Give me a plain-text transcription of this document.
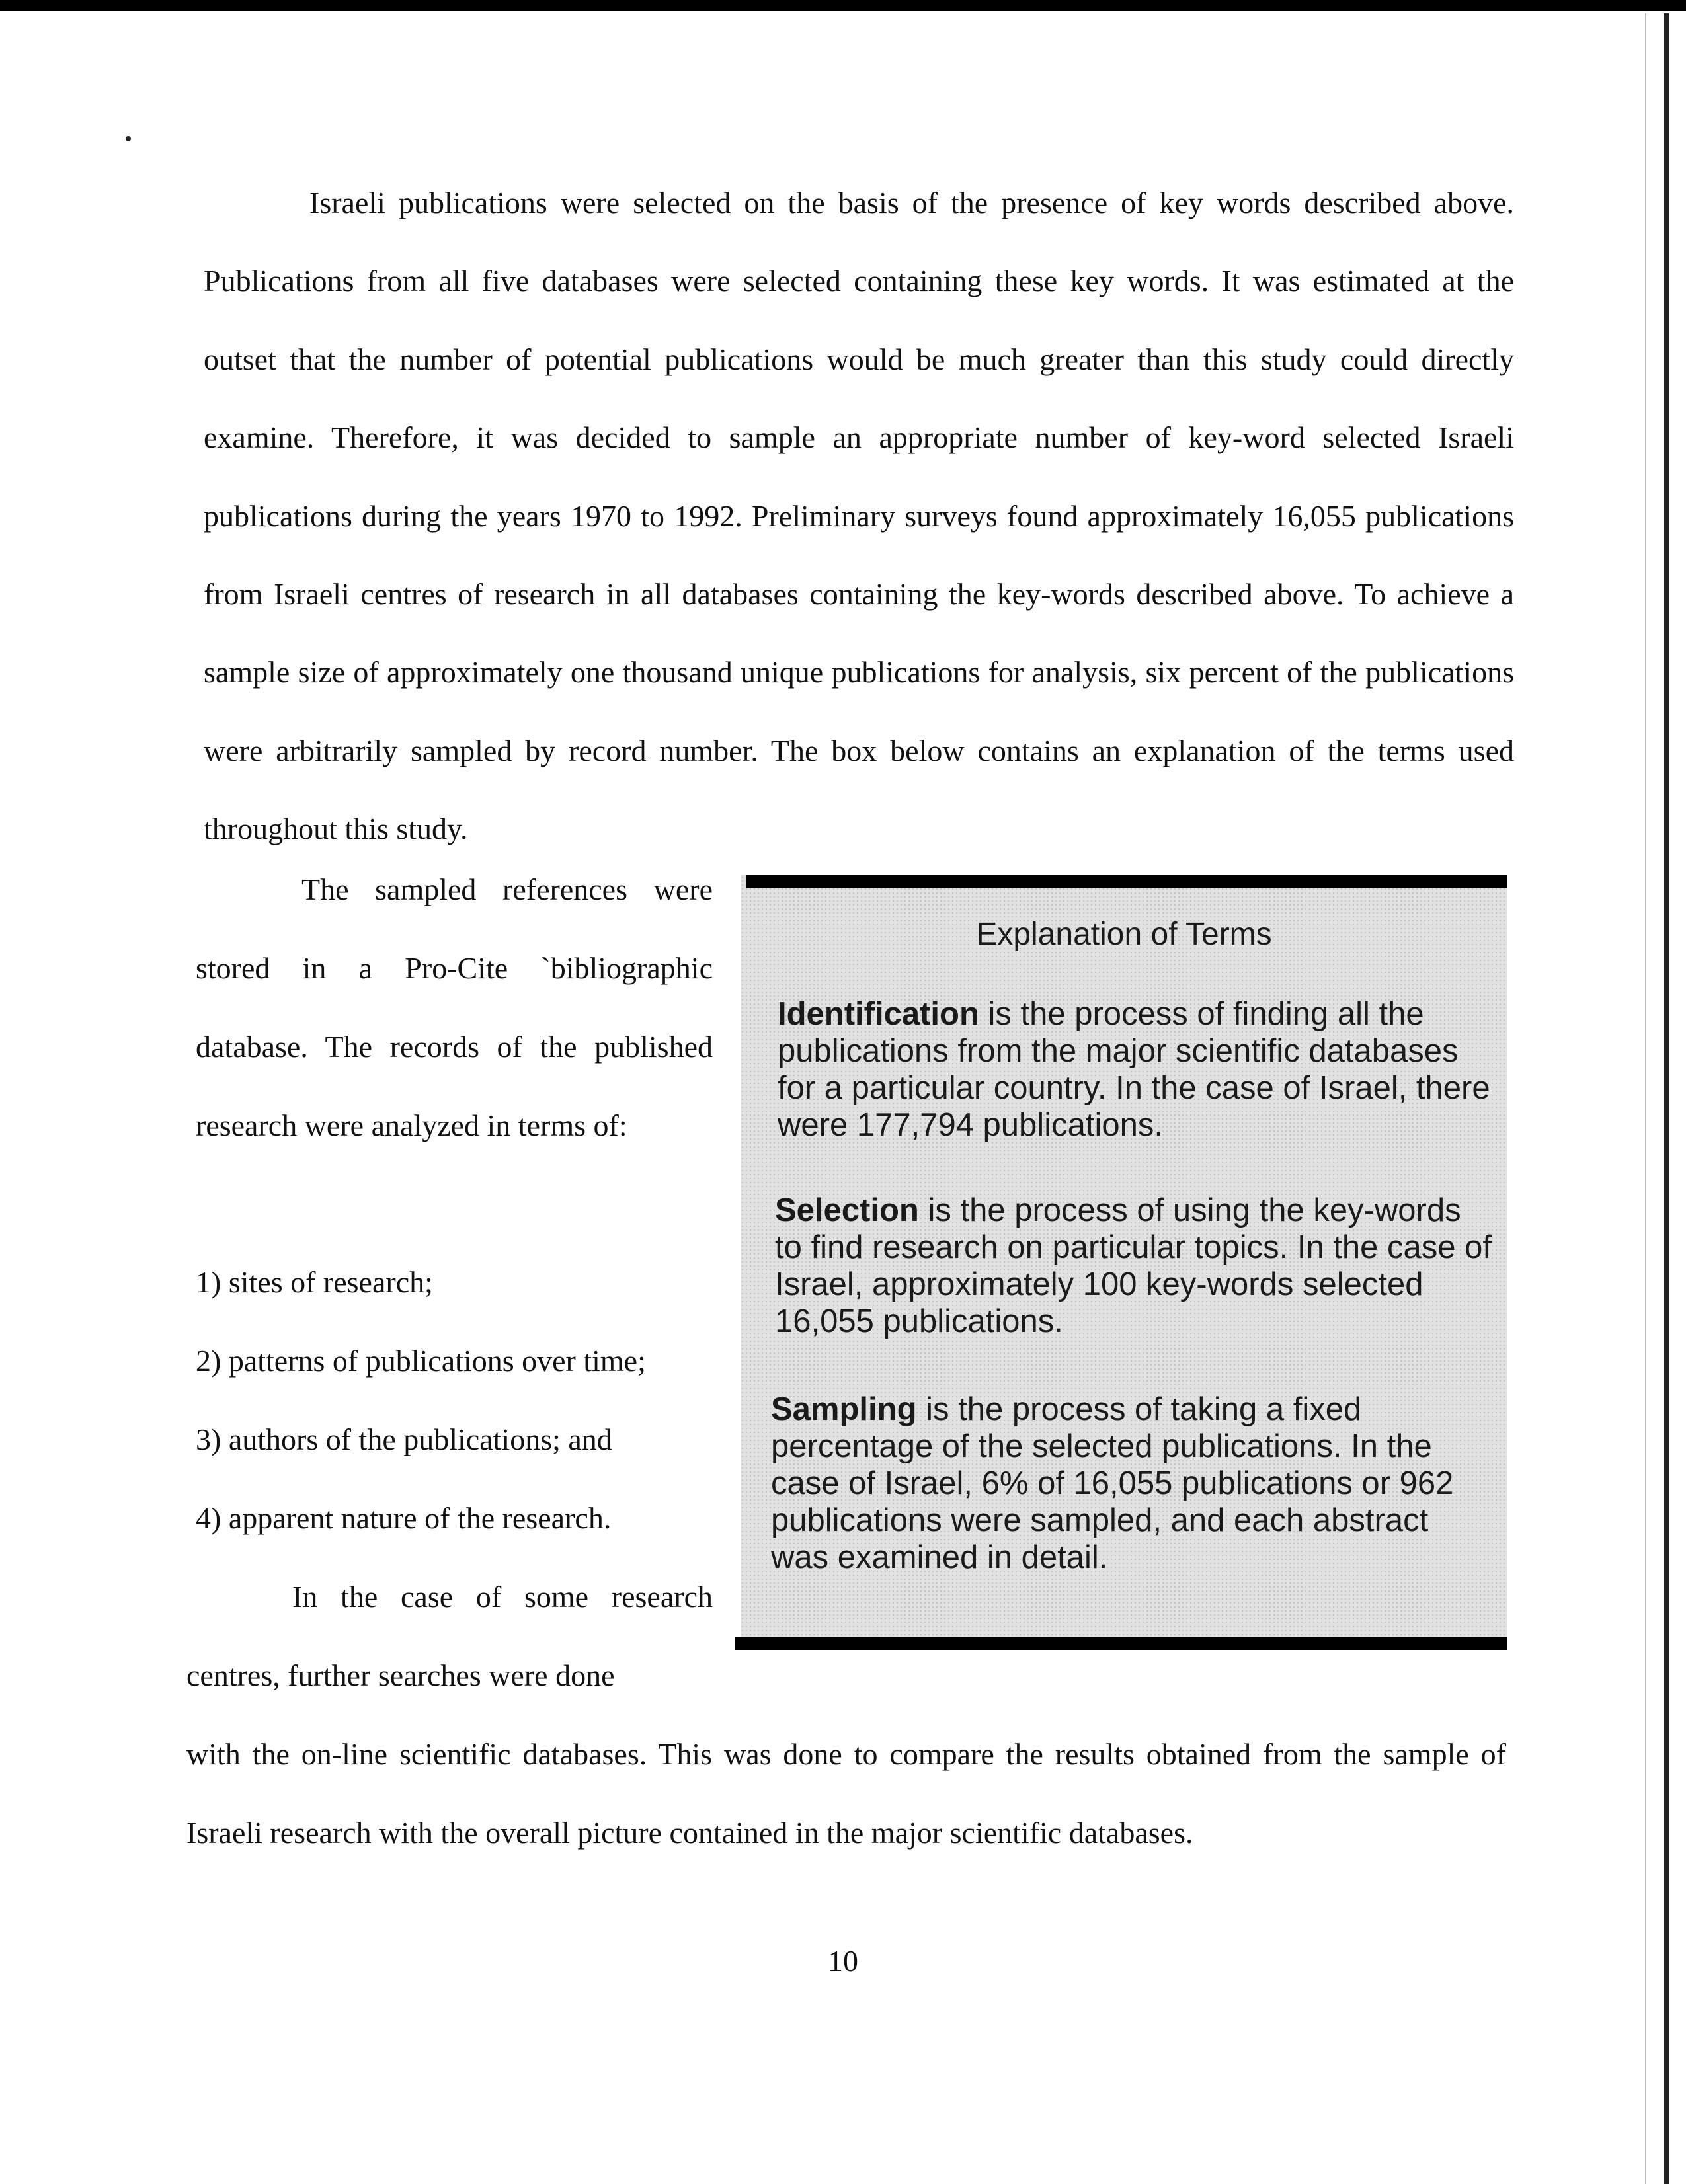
Israeli publications were selected on the basis of the presence of key words described above. Publications from all five databases were selected containing these key words. It was estimated at the outset that the number of potential publications would be much greater than this study could directly examine. Therefore, it was decided to sample an appropriate number of key-word selected Israeli publications during the years 1970 to 1992. Preliminary surveys found approximately 16,055 publications from Israeli centres of research in all databases containing the key-words described above. To achieve a sample size of approximately one thousand unique publications for analysis, six percent of the publications were arbitrarily sampled by record number. The box below contains an explanation of the terms used throughout this study.

The sampled references were stored in a Pro-Cite `bibliographic database. The records of the published research were analyzed in terms of:

1) sites of research;
2) patterns of publications over time;
3) authors of the publications; and
4) apparent nature of the research.

In the case of some research centres, further searches were done

with the on-line scientific databases. This was done to compare the results obtained from the sample of Israeli research with the overall picture contained in the major scientific databases.

Explanation of Terms

Identification is the process of finding all the publications from the major scientific databases for a particular country. In the case of Israel, there were 177,794 publications.

Selection is the process of using the key-words to find research on particular topics. In the case of Israel, approximately 100 key-words selected 16,055 publications.

Sampling is the process of taking a fixed percentage of the selected publications. In the case of Israel, 6% of 16,055 publications or 962 publications were sampled, and each abstract was examined in detail.

10
